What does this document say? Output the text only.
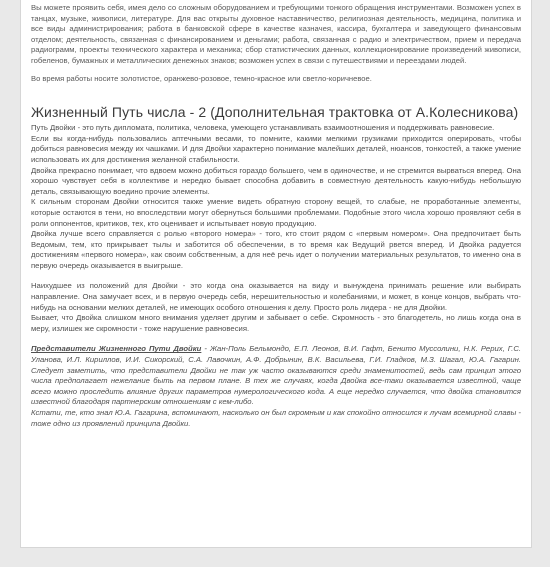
Вы можете проявить себя, имея дело со сложным оборудованием и требующими тонкого обращения инструментами. Возможен успех в танцах, музыке, живописи, литературе. Для вас открыты духовное наставничество, религиозная деятельность, медицина, политика и все виды администрирования; работа в банковской сфере в качестве казначея, кассира, бухгалтера и заведующего финансовым отделом; деятельность, связанная с финансированием и деньгами; работа, связанная с радио и электричеством, прием и передача радиограмм, проекты технического характера и механика; сбор статистических данных, коллекционирование произведений живописи, гобеленов, бумажных и металлических денежных знаков; возможен успех в связи с путешествиями и переездами людей.

Во время работы носите золотистое, оранжево-розовое, темно-красное или светло-коричневое.

Жизненный Путь числа - 2 (Дополнительная трактовка от А.Колесникова)

Путь Двойки - это путь дипломата, политика, человека, умеющего устанавливать взаимоотношения и поддерживать равновесие.

Если вы когда-нибудь пользовались аптечными весами, то помните, какими мелкими грузиками приходится оперировать, чтобы добиться равновесия между их чашками. И для Двойки характерно понимание малейших деталей, нюансов, тонкостей, а также умение использовать их для достижения желанной стабильности.

Двойка прекрасно понимает, что вдвоем можно добиться гораздо большего, чем в одиночестве, и не стремится вырваться вперед. Она хорошо чувствует себя в коллективе и нередко бывает способна добавить в совместную деятельность какую-нибудь небольшую деталь, связывающую воедино прочие элементы.

К сильным сторонам Двойки относится также умение видеть обратную сторону вещей, то слабые, не проработанные элементы, которые остаются в тени, но впоследствии могут обернуться большими проблемами. Подобные этого числа хорошо проявляют себя в роли оппонентов, критиков, тех, кто оценивает и испытывает новую продукцию.

Двойка лучше всего справляется с ролью «второго номера» - того, кто стоит рядом с «первым номером». Она предпочитает быть Ведомым, тем, кто прикрывает тылы и заботится об обеспечении, в то время как Ведущий рвется вперед. И Двойка радуется достижениям «первого номера», как своим собственным, а для неё речь идет о получении материальных результатов, то именно она в первую очередь оказывается в выигрыше.

Наихудшее из положений для Двойки - это когда она оказывается на виду и вынуждена принимать решение или выбирать направление. Она замучает всех, и в первую очередь себя, нерешительностью и колебаниями, и может, в конце концов, выбрать что-нибудь на основании мелких деталей, не имеющих особого отношения к делу. Просто роль лидера - не для Двойки.

Бывает, что Двойка слишком много внимания уделяет другим и забывает о себе. Скромность - это благодетель, но лишь когда она в меру, излишек же скромности - тоже нарушение равновесия.

Представители Жизненного Пути Двойки - Жан-Поль Бельмондо, Е.П. Леонов, В.И. Гафт, Бенито Муссолини, Н.К. Рерих, Г.С. Уланова, И.Л. Кириллов, И.И. Сикорский, С.А. Лавочкин, А.Ф. Добрынин, В.К. Васильева, Г.И. Гладков, М.З. Шагал, Ю.А. Гагарин. Следует заметить, что представители Двойки не так уж часто оказываются среди знаменитостей, ведь сам принцип этого числа предполагает нежелание быть на первом плане. В тех же случаях, когда Двойка все-таки оказывается известной, чаще всего можно проследить влияние других параметров нумерологического кода. А еще нередко случается, что двойка становится известной благодаря партнерским отношениям с кем-либо.

Кстати, те, кто знал Ю.А. Гагарина, вспоминают, насколько он был скромным и как спокойно относился к лучам всемирной славы - тоже одно из проявлений принципа Двойки.
